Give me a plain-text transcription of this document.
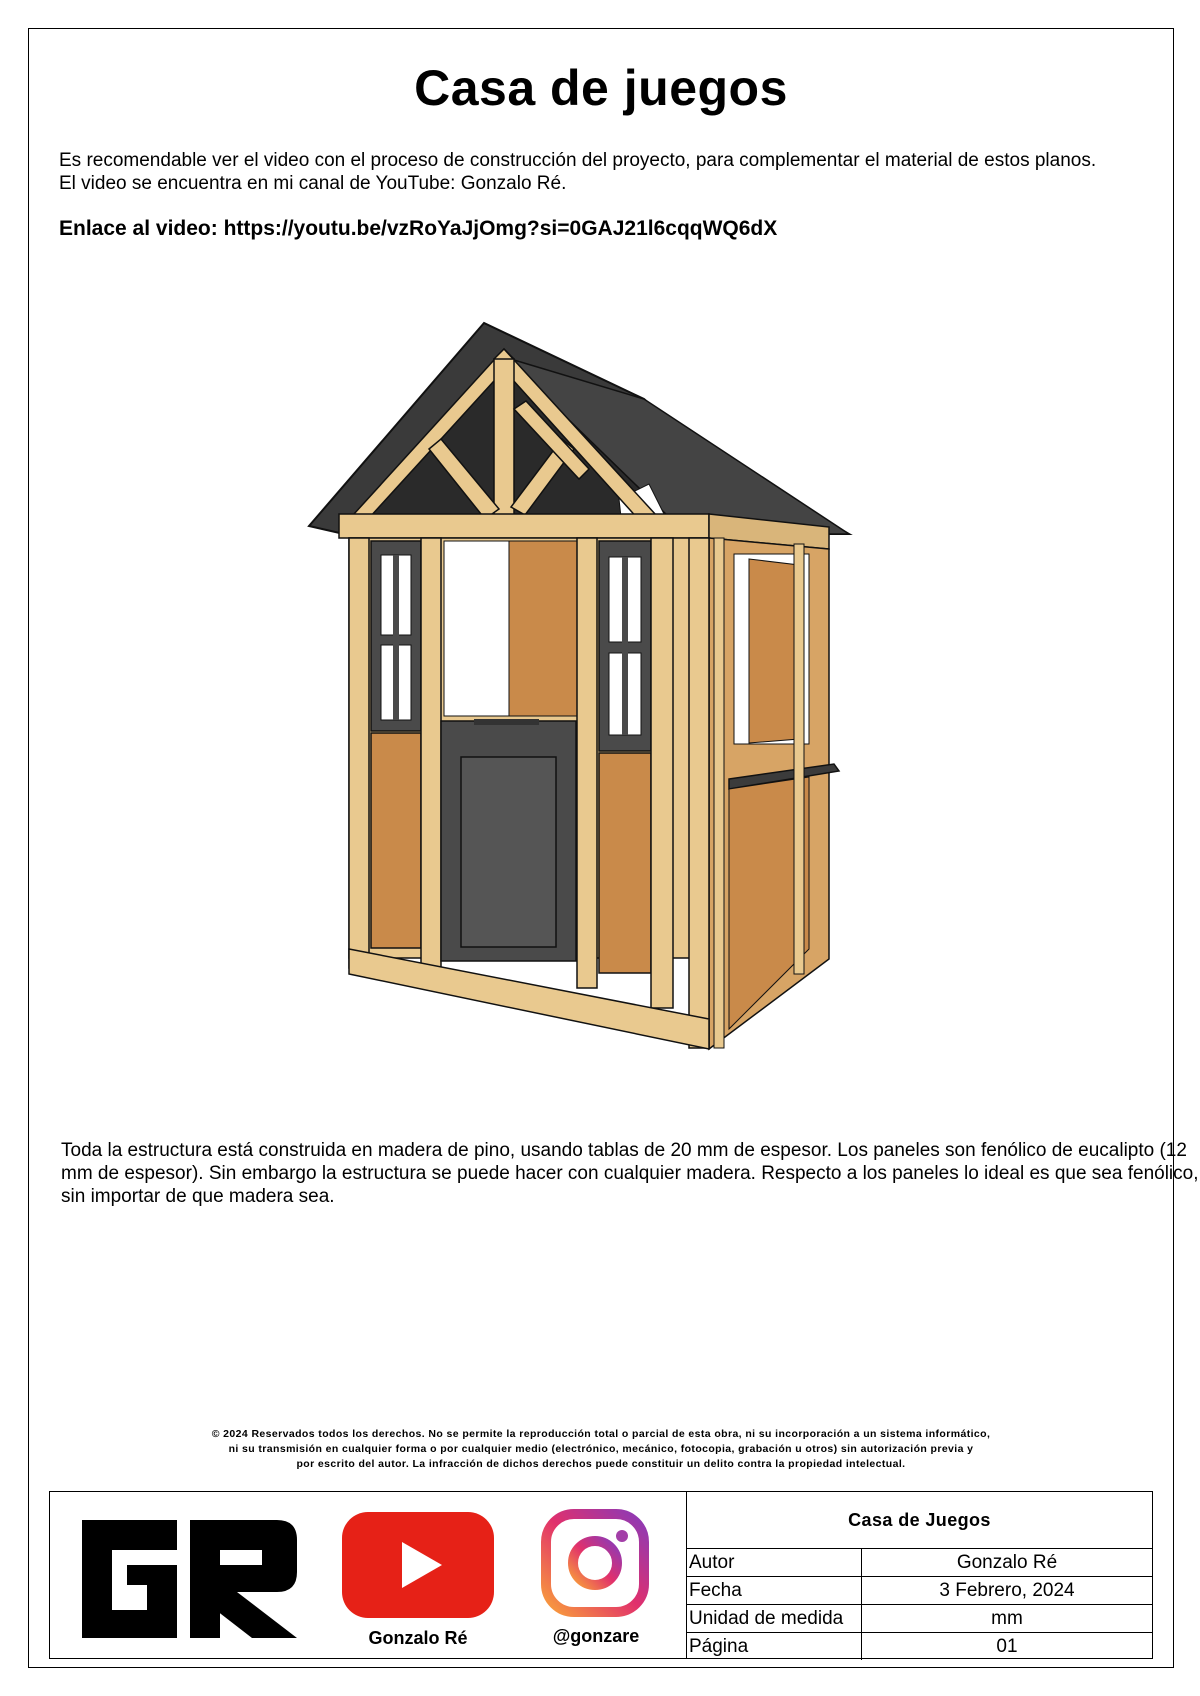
Casa de juegos
Es recomendable ver el video con el proceso de construcción del proyecto, para complementar el material de estos planos. El video se encuentra en mi canal de YouTube: Gonzalo Ré.
Enlace al video: https://youtu.be/vzRoYaJjOmg?si=0GAJ21l6cqqWQ6dX
Toda la estructura está construida en madera de pino, usando tablas de 20 mm de espesor. Los paneles son fenólico de eucalipto (12 mm de espesor). Sin embargo la estructura se puede hacer con cualquier madera. Respecto a los paneles lo ideal es que sea fenólico, sin importar de que madera sea.
© 2024 Reservados todos los derechos. No se permite la reproducción total o parcial de esta obra, ni su incorporación a un sistema informático,
ni su transmisión en cualquier forma o por cualquier medio (electrónico, mecánico, fotocopia, grabación u otros) sin autorización previa y
por escrito del autor. La infracción de dichos derechos puede constituir un delito contra la propiedad intelectual.
Gonzalo Ré	@gonzare
Casa de Juegos
Autor	Gonzalo Ré
Fecha	3 Febrero, 2024
Unidad de medida	mm
Página	01
